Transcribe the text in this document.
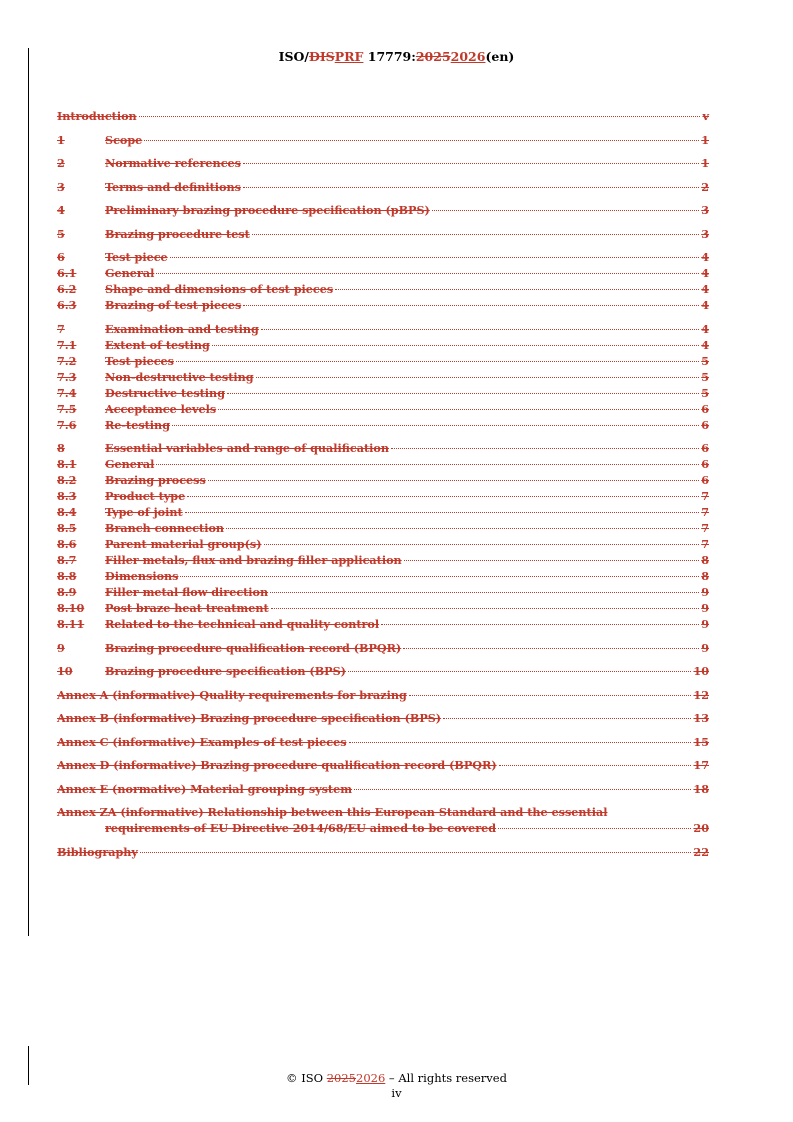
ISO/DISPRF 17779:20252026(en)
Introduction	v
1	Scope	1
2	Normative references	1
3	Terms and definitions	2
4	Preliminary brazing procedure specification (pBPS)	3
5	Brazing procedure test	3
6	Test piece	4
6.1	General	4
6.2	Shape and dimensions of test pieces	4
6.3	Brazing of test pieces	4
7	Examination and testing	4
7.1	Extent of testing	4
7.2	Test pieces	5
7.3	Non-destructive testing	5
7.4	Destructive testing	5
7.5	Acceptance levels	6
7.6	Re-testing	6
8	Essential variables and range of qualification	6
8.1	General	6
8.2	Brazing process	6
8.3	Product type	7
8.4	Type of joint	7
8.5	Branch connection	7
8.6	Parent material group(s)	7
8.7	Filler metals, flux and brazing filler application	8
8.8	Dimensions	8
8.9	Filler metal flow direction	9
8.10	Post braze heat treatment	9
8.11	Related to the technical and quality control	9
9	Brazing procedure qualification record (BPQR)	9
10	Brazing procedure specification (BPS)	10
Annex A (informative) Quality requirements for brazing	12
Annex B (informative) Brazing procedure specification (BPS)	13
Annex C (informative) Examples of test pieces	15
Annex D (informative) Brazing procedure qualification record (BPQR)	17
Annex E (normative) Material grouping system	18
Annex ZA (informative) Relationship between this European Standard and the essential
requirements of EU Directive 2014/68/EU aimed to be covered	20
Bibliography	22
© ISO 20252026 – All rights reserved
iv
